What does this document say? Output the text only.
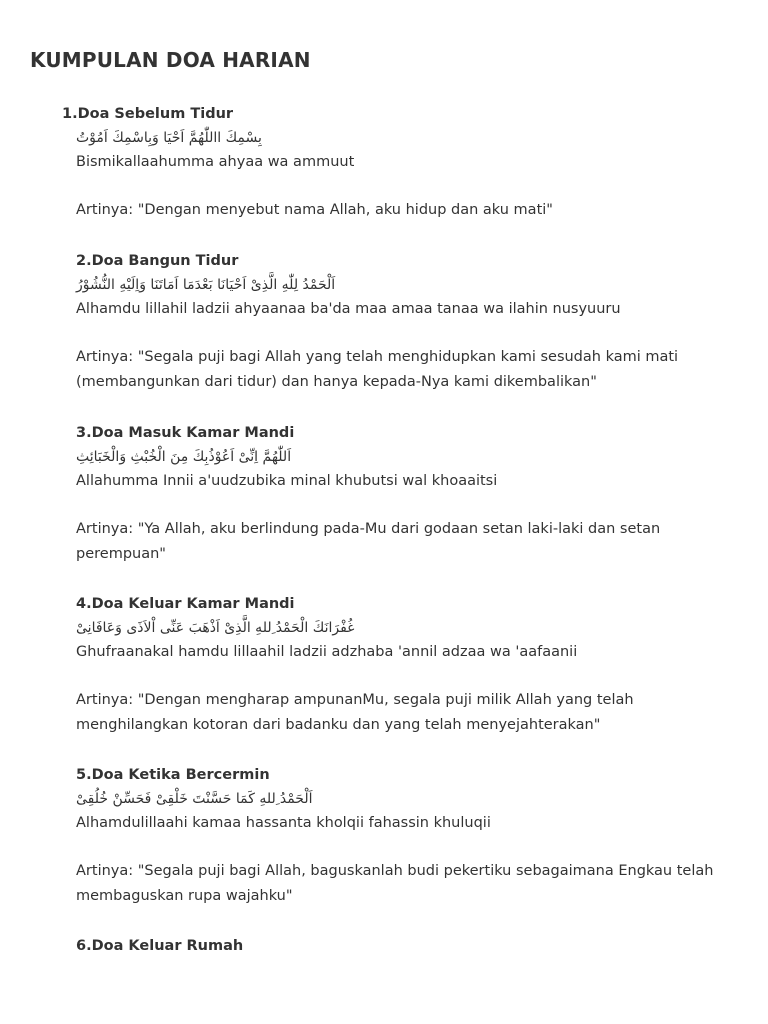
KUMPULAN DOA HARIAN
1.Doa Sebelum Tidur
بِسْمِكَ االلّٰهُمَّ اَحْيَا وَبِاسْمِكَ اَمُوْتُ
Bismikallaahumma ahyaa wa ammuut
Artinya: "Dengan menyebut nama Allah, aku hidup dan aku mati"
2.Doa Bangun Tidur
اَلْحَمْدُ لِلّٰهِ الَّذِىْ اَحْيَانَا بَعْدَمَا اَمَاتَنَا وَاِلَيْهِ النُّشُوْرُ
Alhamdu lillahil ladzii ahyaanaa ba'da maa amaa tanaa wa ilahin nusyuuru
Artinya: "Segala puji bagi Allah yang telah menghidupkan kami sesudah kami mati (membangunkan dari tidur) dan hanya kepada-Nya kami dikembalikan"
3.Doa Masuk Kamar Mandi
اَللّٰهُمَّ اِنِّىْ اَعُوْذُبِكَ مِنَ الْخُبْثِ وَالْخَبَائِثِ
Allahumma Innii a'uudzubika minal khubutsi wal khoaaitsi
Artinya: "Ya Allah, aku berlindung pada-Mu dari godaan setan laki-laki dan setan perempuan"
4.Doa Keluar Kamar Mandi
غُفْرَانَكَ الْحَمْدُ ِللهِ الَّذِىْ اَذْهَبَ عَنِّى اْلاَذَى وَعَافَانِىْ
Ghufraanakal hamdu lillaahil ladzii adzhaba 'annil adzaa wa 'aafaanii
Artinya: "Dengan mengharap ampunanMu, segala puji milik Allah yang telah menghilangkan kotoran dari badanku dan yang telah menyejahterakan"
5.Doa Ketika Bercermin
اَلْحَمْدُ ِللهِ كَمَا حَسَّنْتَ خَلْقِىْ فَحَسِّنْ خُلُقِىْ
Alhamdulillaahi kamaa hassanta kholqii fahassin khuluqii
Artinya: "Segala puji bagi Allah, baguskanlah budi pekertiku sebagaimana Engkau telah membaguskan rupa wajahku"
6.Doa Keluar Rumah
